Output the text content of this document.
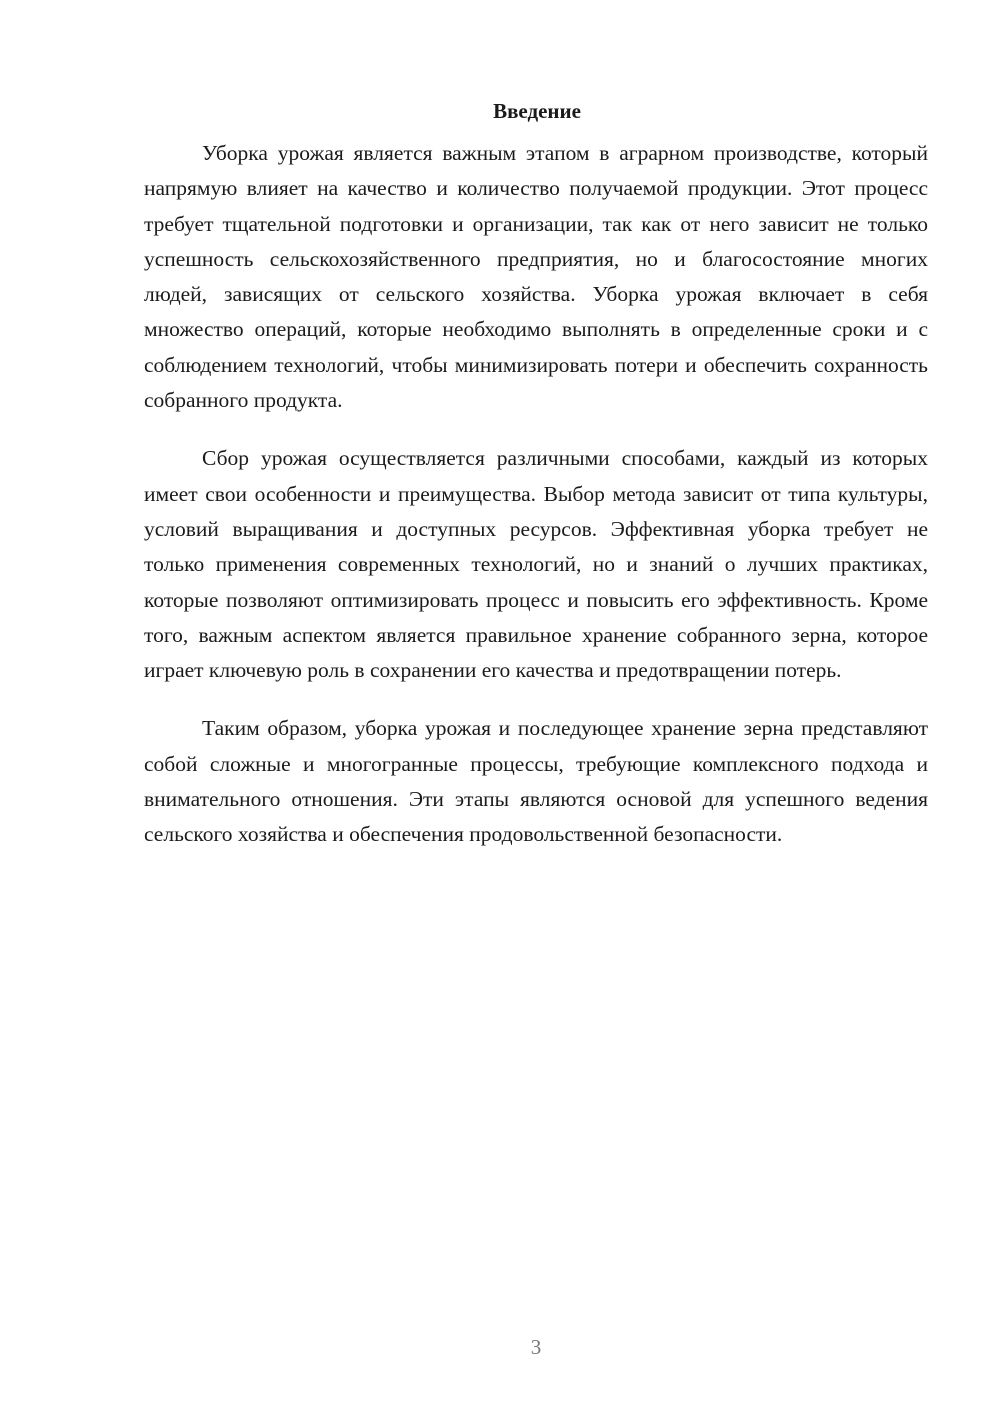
Введение

Уборка урожая является важным этапом в аграрном производстве, который напрямую влияет на качество и количество получаемой продукции. Этот процесс требует тщательной подготовки и организации, так как от него зависит не только успешность сельскохозяйственного предприятия, но и благосостояние многих людей, зависящих от сельского хозяйства. Уборка урожая включает в себя множество операций, которые необходимо выполнять в определенные сроки и с соблюдением технологий, чтобы минимизировать потери и обеспечить сохранность собранного продукта.

Сбор урожая осуществляется различными способами, каждый из которых имеет свои особенности и преимущества. Выбор метода зависит от типа культуры, условий выращивания и доступных ресурсов. Эффективная уборка требует не только применения современных технологий, но и знаний о лучших практиках, которые позволяют оптимизировать процесс и повысить его эффективность. Кроме того, важным аспектом является правильное хранение собранного зерна, которое играет ключевую роль в сохранении его качества и предотвращении потерь.

Таким образом, уборка урожая и последующее хранение зерна представляют собой сложные и многогранные процессы, требующие комплексного подхода и внимательного отношения. Эти этапы являются основой для успешного ведения сельского хозяйства и обеспечения продовольственной безопасности.

3
